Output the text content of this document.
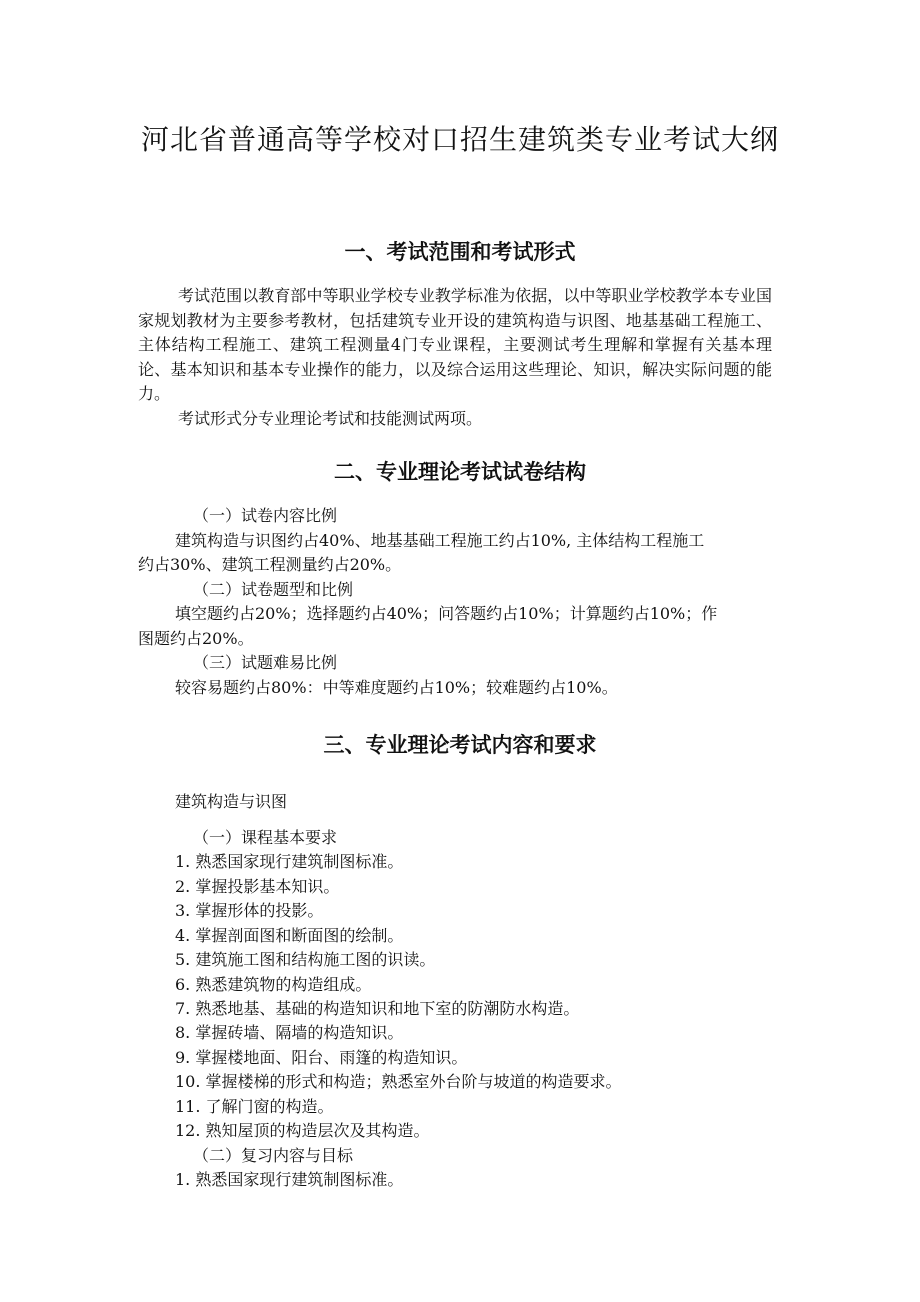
河北省普通高等学校对口招生建筑类专业考试大纲
一、考试范围和考试形式

考试范围以教育部中等职业学校专业教学标准为依据，以中等职业学校教学本专业国家规划教材为主要参考教材，包括建筑专业开设的建筑构造与识图、地基基础工程施工、主体结构工程施工、建筑工程测量4门专业课程，主要测试考生理解和掌握有关基本理论、基本知识和基本专业操作的能力，以及综合运用这些理论、知识，解决实际问题的能力。

考试形式分专业理论考试和技能测试两项。

二、专业理论考试试卷结构

（一）试卷内容比例

建筑构造与识图约占40%、地基基础工程施工约占10%, 主体结构工程施工

约占30%、建筑工程测量约占20%。

（二）试卷题型和比例

填空题约占20%；选择题约占40%；问答题约占10%；计算题约占10%；作

图题约占20%。

（三）试题难易比例

较容易题约占80%：中等难度题约占10%；较难题约占10%。

三、专业理论考试内容和要求

建筑构造与识图

（一）课程基本要求

1. 熟悉国家现行建筑制图标准。

2. 掌握投影基本知识。

3. 掌握形体的投影。

4. 掌握剖面图和断面图的绘制。

5. 建筑施工图和结构施工图的识读。

6. 熟悉建筑物的构造组成。

7. 熟悉地基、基础的构造知识和地下室的防潮防水构造。

8. 掌握砖墙、隔墙的构造知识。

9. 掌握楼地面、阳台、雨篷的构造知识。

10. 掌握楼梯的形式和构造；熟悉室外台阶与坡道的构造要求。

11. 了解门窗的构造。

12. 熟知屋顶的构造层次及其构造。

（二）复习内容与目标

1. 熟悉国家现行建筑制图标准。
